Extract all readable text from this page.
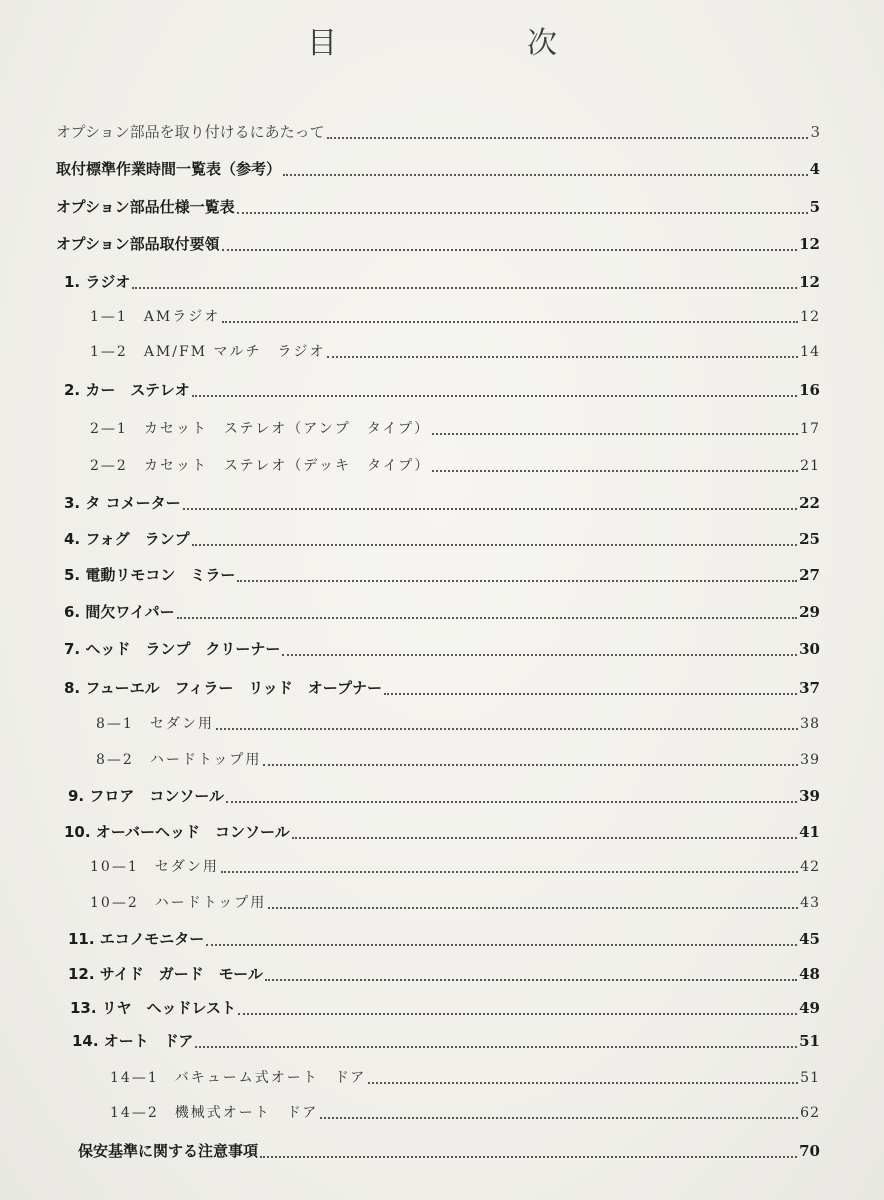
目　次
オプション部品を取り付けるにあたって	3
取付標準作業時間一覧表（参考）	4
オプション部品仕様一覧表	5
オプション部品取付要領	12
1. ラジオ	12
1—1　AMラジオ	12
1—2　AM/FM マルチ　ラジオ	14
2. カー　ステレオ	16
2—1　カセット　ステレオ（アンプ　タイプ）	17
2—2　カセット　ステレオ（デッキ　タイプ）	21
3. タ コメーター	22
4. フォグ　ランプ	25
5. 電動リモコン　ミラー	27
6. 間欠ワイパー	29
7. ヘッド　ランプ　クリーナー	30
8. フューエル　フィラー　リッド　オープナー	37
8—1　セダン用	38
8—2　ハードトップ用	39
9. フロア　コンソール	39
10. オーバーヘッド　コンソール	41
10—1　セダン用	42
10—2　ハードトップ用	43
11. エコノモニター	45
12. サイド　ガード　モール	48
13. リヤ　ヘッドレスト	49
14. オート　ドア	51
14—1　バキューム式オート　ドア	51
14—2　機械式オート　ドア	62
保安基準に関する注意事項	70
